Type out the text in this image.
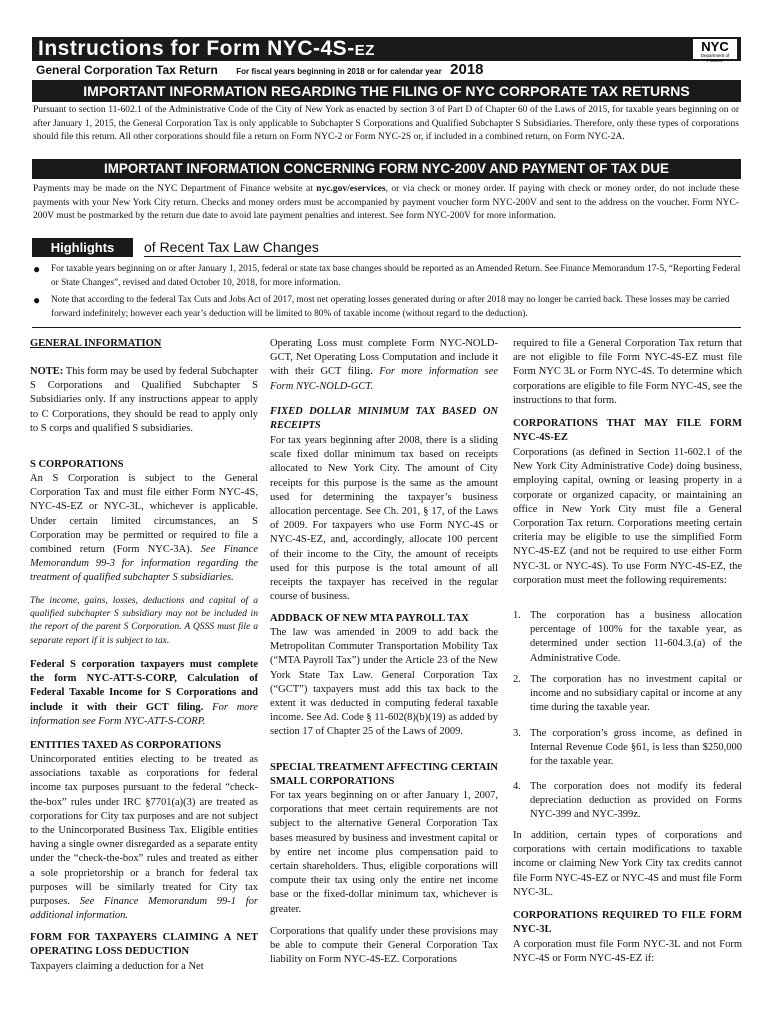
Instructions for Form NYC-4S-EZ	NYC
Department of Finance
General Corporation Tax Return For fiscal years beginning in 2018 or for calendar year 2018
IMPORTANT INFORMATION REGARDING THE FILING OF NYC CORPORATE TAX RETURNS
Pursuant to section 11-602.1 of the Administrative Code of the City of New York as enacted by section 3 of Part D of Chapter 60 of the Laws of 2015, for taxable years beginning on or after January 1, 2015, the General Corporation Tax is only applicable to Subchapter S Corporations and Qualified Subchapter S Subsidiaries. Therefore, only these types of corporations should file this return. All other corporations should file a return on Form NYC-2 or Form NYC-2S or, if included in a combined return, on Form NYC-2A.
IMPORTANT INFORMATION CONCERNING FORM NYC-200V AND PAYMENT OF TAX DUE
Payments may be made on the NYC Department of Finance website at nyc.gov/eservices, or via check or money order. If paying with check or money order, do not include these payments with your New York City return. Checks and money orders must be accompanied by payment voucher form NYC-200V and sent to the address on the voucher. Form NYC-200V must be postmarked by the return due date to avoid late payment penalties and interest. See form NYC-200V for more information.
Highlights	of Recent Tax Law Changes
● For taxable years beginning on or after January 1, 2015, federal or state tax base changes should be reported as an Amended Return. See Finance Memorandum 17-5, “Reporting Federal or State Changes”, revised and dated October 10, 2018, for more information.
● Note that according to the federal Tax Cuts and Jobs Act of 2017, most net operating losses generated during or after 2018 may no longer be carried back. These losses may be carried forward indefinitely; however each year’s deduction will be limited to 80% of taxable income (without regard to the deduction).
GENERAL INFORMATION
NOTE: This form may be used by federal Subchapter S Corporations and Qualified Subchapter S Subsidiaries only. If any instructions appear to apply to C Corporations, they should be read to apply only to S corps and qualified S subsidiaries.
S CORPORATIONS
An S Corporation is subject to the General Corporation Tax and must file either Form NYC-4S, NYC-4S-EZ or NYC-3L, whichever is applicable. Under certain limited circumstances, an S Corporation may be permitted or required to file a combined return (Form NYC-3A). See Finance Memorandum 99-3 for information regarding the treatment of qualified subchapter S subsidiaries.
The income, gains, losses, deductions and capital of a qualified subchapter S subsidiary may not be included in the report of the parent S Corporation. A QSSS must file a separate report if it is subject to tax.
Federal S corporation taxpayers must complete the form NYC-ATT-S-CORP, Calculation of Federal Taxable Income for S Corporations and include it with their GCT filing. For more information see Form NYC-ATT-S-CORP.
ENTITIES TAXED AS CORPORATIONS
Unincorporated entities electing to be treated as associations taxable as corporations for federal income tax purposes pursuant to the federal “check-the-box” rules under IRC §7701(a)(3) are treated as corporations for City tax purposes and are not subject to the Unincorporated Business Tax. Eligible entities having a single owner disregarded as a separate entity under the “check-the-box” rules and treated as either a sole proprietorship or a branch for federal tax purposes will be similarly treated for City tax purposes. See Finance Memorandum 99-1 for additional information.
FORM FOR TAXPAYERS CLAIMING A NET OPERATING LOSS DEDUCTION
Taxpayers claiming a deduction for a Net
Operating Loss must complete Form NYC-NOLD-GCT, Net Operating Loss Computation and include it with their GCT filing. For more information see Form NYC-NOLD-GCT.
FIXED DOLLAR MINIMUM TAX BASED ON RECEIPTS
For tax years beginning after 2008, there is a sliding scale fixed dollar minimum tax based on receipts allocated to New York City. The amount of City receipts for this purpose is the same as the amount used for determining the taxpayer’s business allocation percentage. See Ch. 201, § 17, of the Laws of 2009. For taxpayers who use Form NYC-4S or NYC-4S-EZ, and, accordingly, allocate 100 percent of their income to the City, the amount of receipts used for this purpose is the total amount of all receipts the taxpayer has received in the regular course of business.
ADDBACK OF NEW MTA PAYROLL TAX
The law was amended in 2009 to add back the Metropolitan Commuter Transportation Mobility Tax (“MTA Payroll Tax”) under the Article 23 of the New York State Tax Law. General Corporation Tax (“GCT”) taxpayers must add this tax back to the extent it was deducted in computing federal taxable income. See Ad. Code § 11-602(8)(b)(19) as added by section 17 of Chapter 25 of the Laws of 2009.
SPECIAL TREATMENT AFFECTING CERTAIN SMALL CORPORATIONS
For tax years beginning on or after January 1, 2007, corporations that meet certain requirements are not subject to the alternative General Corporation Tax bases measured by business and investment capital or by entire net income plus compensation paid to certain shareholders. Thus, eligible corporations will compute their tax using only the entire net income base or the fixed-dollar minimum tax, whichever is greater.
Corporations that qualify under these provisions may be able to compute their General Corporation Tax liability on Form NYC-4S-EZ. Corporations
required to file a General Corporation Tax return that are not eligible to file Form NYC-4S-EZ must file Form NYC 3L or Form NYC-4S. To determine which corporations are eligible to file Form NYC-4S, see the instructions to that form.
CORPORATIONS THAT MAY FILE FORM NYC-4S-EZ
Corporations (as defined in Section 11-602.1 of the New York City Administrative Code) doing business, employing capital, owning or leasing property in a corporate or organized capacity, or maintaining an office in New York City must file a General Corporation Tax return. Corporations meeting certain criteria may be eligible to use the simplified Form NYC-4S-EZ (and not be required to use either Form NYC-3L or NYC-4S). To use Form NYC-4S-EZ, the corporation must meet the following requirements:
1. The corporation has a business allocation percentage of 100% for the taxable year, as determined under section 11-604.3.(a) of the Administrative Code.
2. The corporation has no investment capital or income and no subsidiary capital or income at any time during the taxable year.
3. The corporation’s gross income, as defined in Internal Revenue Code §61, is less than $250,000 for the taxable year.
4. The corporation does not modify its federal depreciation deduction as provided on Forms NYC-399 and NYC-399z.
In addition, certain types of corporations and corporations with certain modifications to taxable income or claiming New York City tax credits cannot file Form NYC-4S-EZ or NYC-4S and must file Form NYC-3L.
CORPORATIONS REQUIRED TO FILE FORM NYC-3L
A corporation must file Form NYC-3L and not Form NYC-4S or Form NYC-4S-EZ if:
